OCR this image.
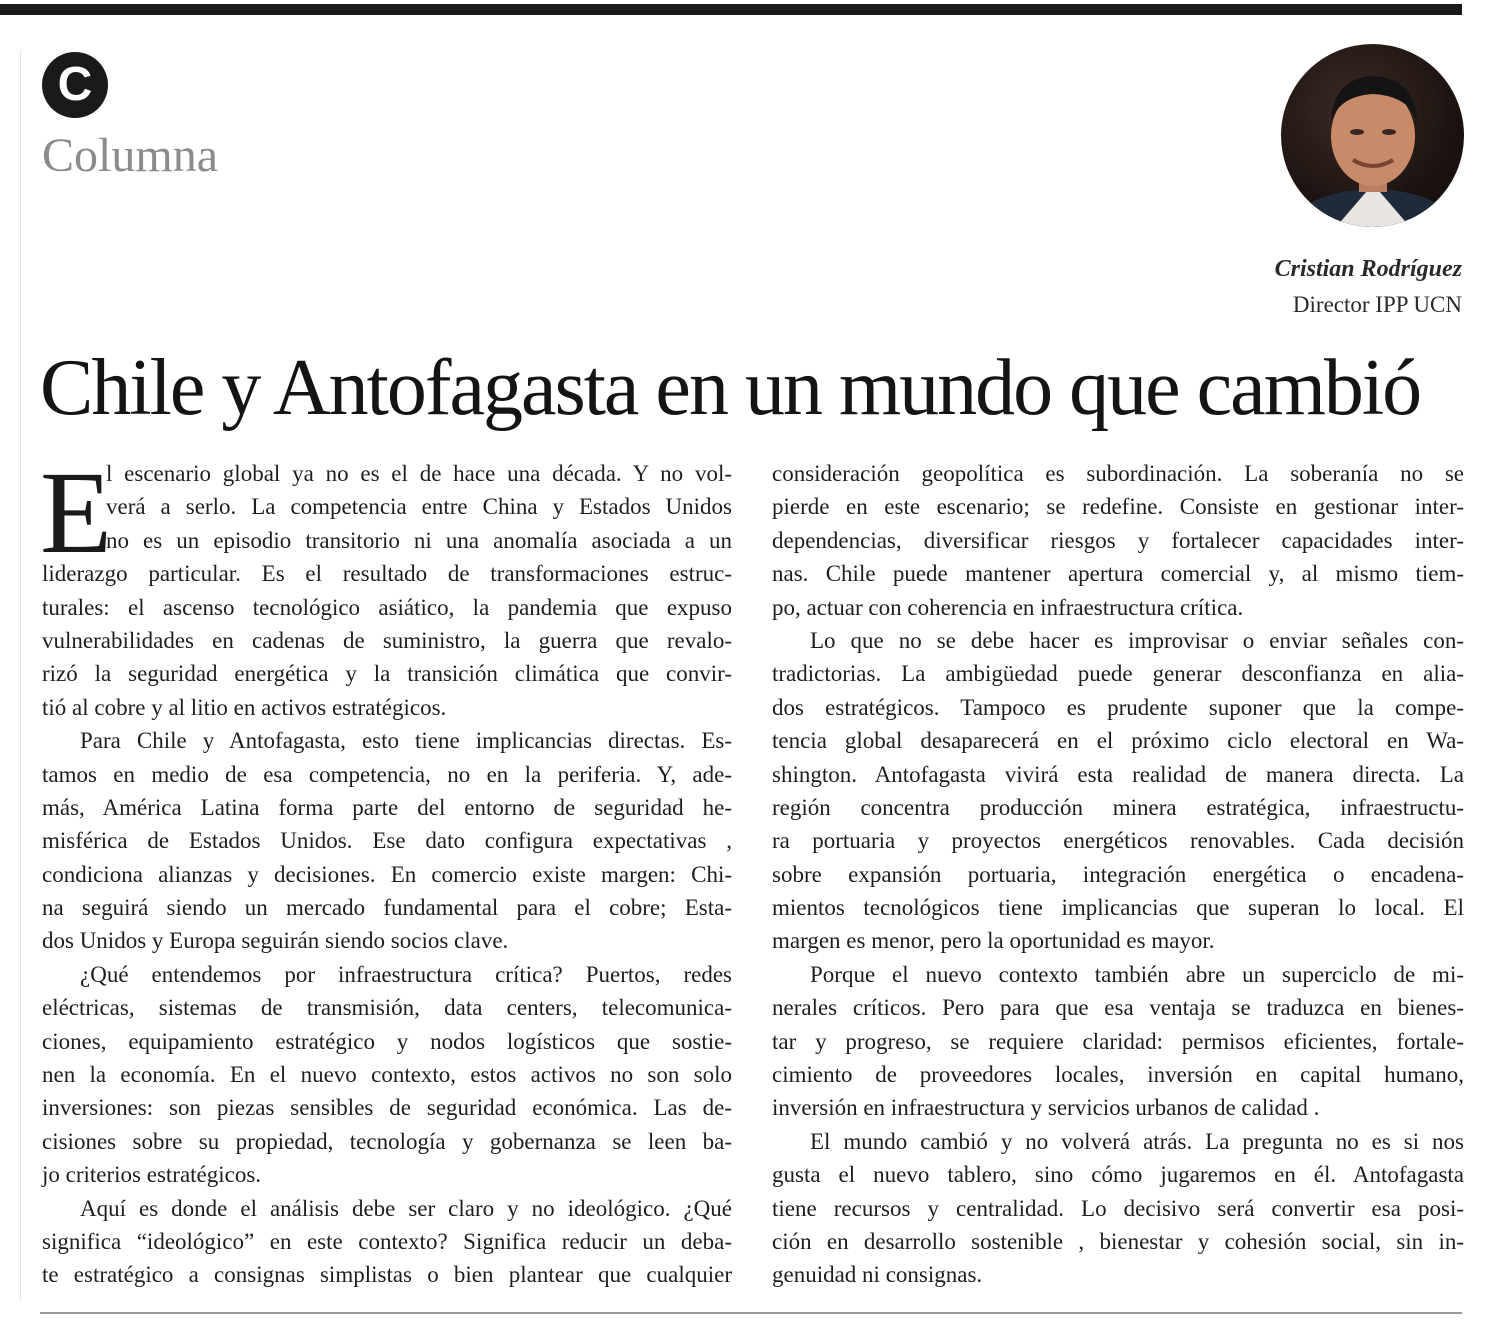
C
Columna
Cristian Rodríguez
Director IPP UCN
Chile y Antofagasta en un mundo que cambió
E
l escenario global ya no es el de hace una década. Y no vol-
verá a serlo. La competencia entre China y Estados Unidos
no es un episodio transitorio ni una anomalía asociada a un
liderazgo particular. Es el resultado de transformaciones estruc-
turales: el ascenso tecnológico asiático, la pandemia que expuso
vulnerabilidades en cadenas de suministro, la guerra que revalo-
rizó la seguridad energética y la transición climática que convir-
tió al cobre y al litio en activos estratégicos.
Para Chile y Antofagasta, esto tiene implicancias directas. Es-
tamos en medio de esa competencia, no en la periferia. Y, ade-
más, América Latina forma parte del entorno de seguridad he-
misférica de Estados Unidos. Ese dato configura expectativas ,
condiciona alianzas y decisiones. En comercio existe margen: Chi-
na seguirá siendo un mercado fundamental para el cobre; Esta-
dos Unidos y Europa seguirán siendo socios clave.
¿Qué entendemos por infraestructura crítica? Puertos, redes
eléctricas, sistemas de transmisión, data centers, telecomunica-
ciones, equipamiento estratégico y nodos logísticos que sostie-
nen la economía. En el nuevo contexto, estos activos no son solo
inversiones: son piezas sensibles de seguridad económica. Las de-
cisiones sobre su propiedad, tecnología y gobernanza se leen ba-
jo criterios estratégicos.
Aquí es donde el análisis debe ser claro y no ideológico. ¿Qué
significa “ideológico” en este contexto? Significa reducir un deba-
te estratégico a consignas simplistas o bien plantear que cualquier
consideración geopolítica es subordinación. La soberanía no se
pierde en este escenario; se redefine. Consiste en gestionar inter-
dependencias, diversificar riesgos y fortalecer capacidades inter-
nas. Chile puede mantener apertura comercial y, al mismo tiem-
po, actuar con coherencia en infraestructura crítica.
Lo que no se debe hacer es improvisar o enviar señales con-
tradictorias. La ambigüedad puede generar desconfianza en alia-
dos estratégicos. Tampoco es prudente suponer que la compe-
tencia global desaparecerá en el próximo ciclo electoral en Wa-
shington. Antofagasta vivirá esta realidad de manera directa. La
región concentra producción minera estratégica, infraestructu-
ra portuaria y proyectos energéticos renovables. Cada decisión
sobre expansión portuaria, integración energética o encadena-
mientos tecnológicos tiene implicancias que superan lo local. El
margen es menor, pero la oportunidad es mayor.
Porque el nuevo contexto también abre un superciclo de mi-
nerales críticos. Pero para que esa ventaja se traduzca en bienes-
tar y progreso, se requiere claridad: permisos eficientes, fortale-
cimiento de proveedores locales, inversión en capital humano,
inversión en infraestructura y servicios urbanos de calidad .
El mundo cambió y no volverá atrás. La pregunta no es si nos
gusta el nuevo tablero, sino cómo jugaremos en él. Antofagasta
tiene recursos y centralidad. Lo decisivo será convertir esa posi-
ción en desarrollo sostenible , bienestar y cohesión social, sin in-
genuidad ni consignas.
